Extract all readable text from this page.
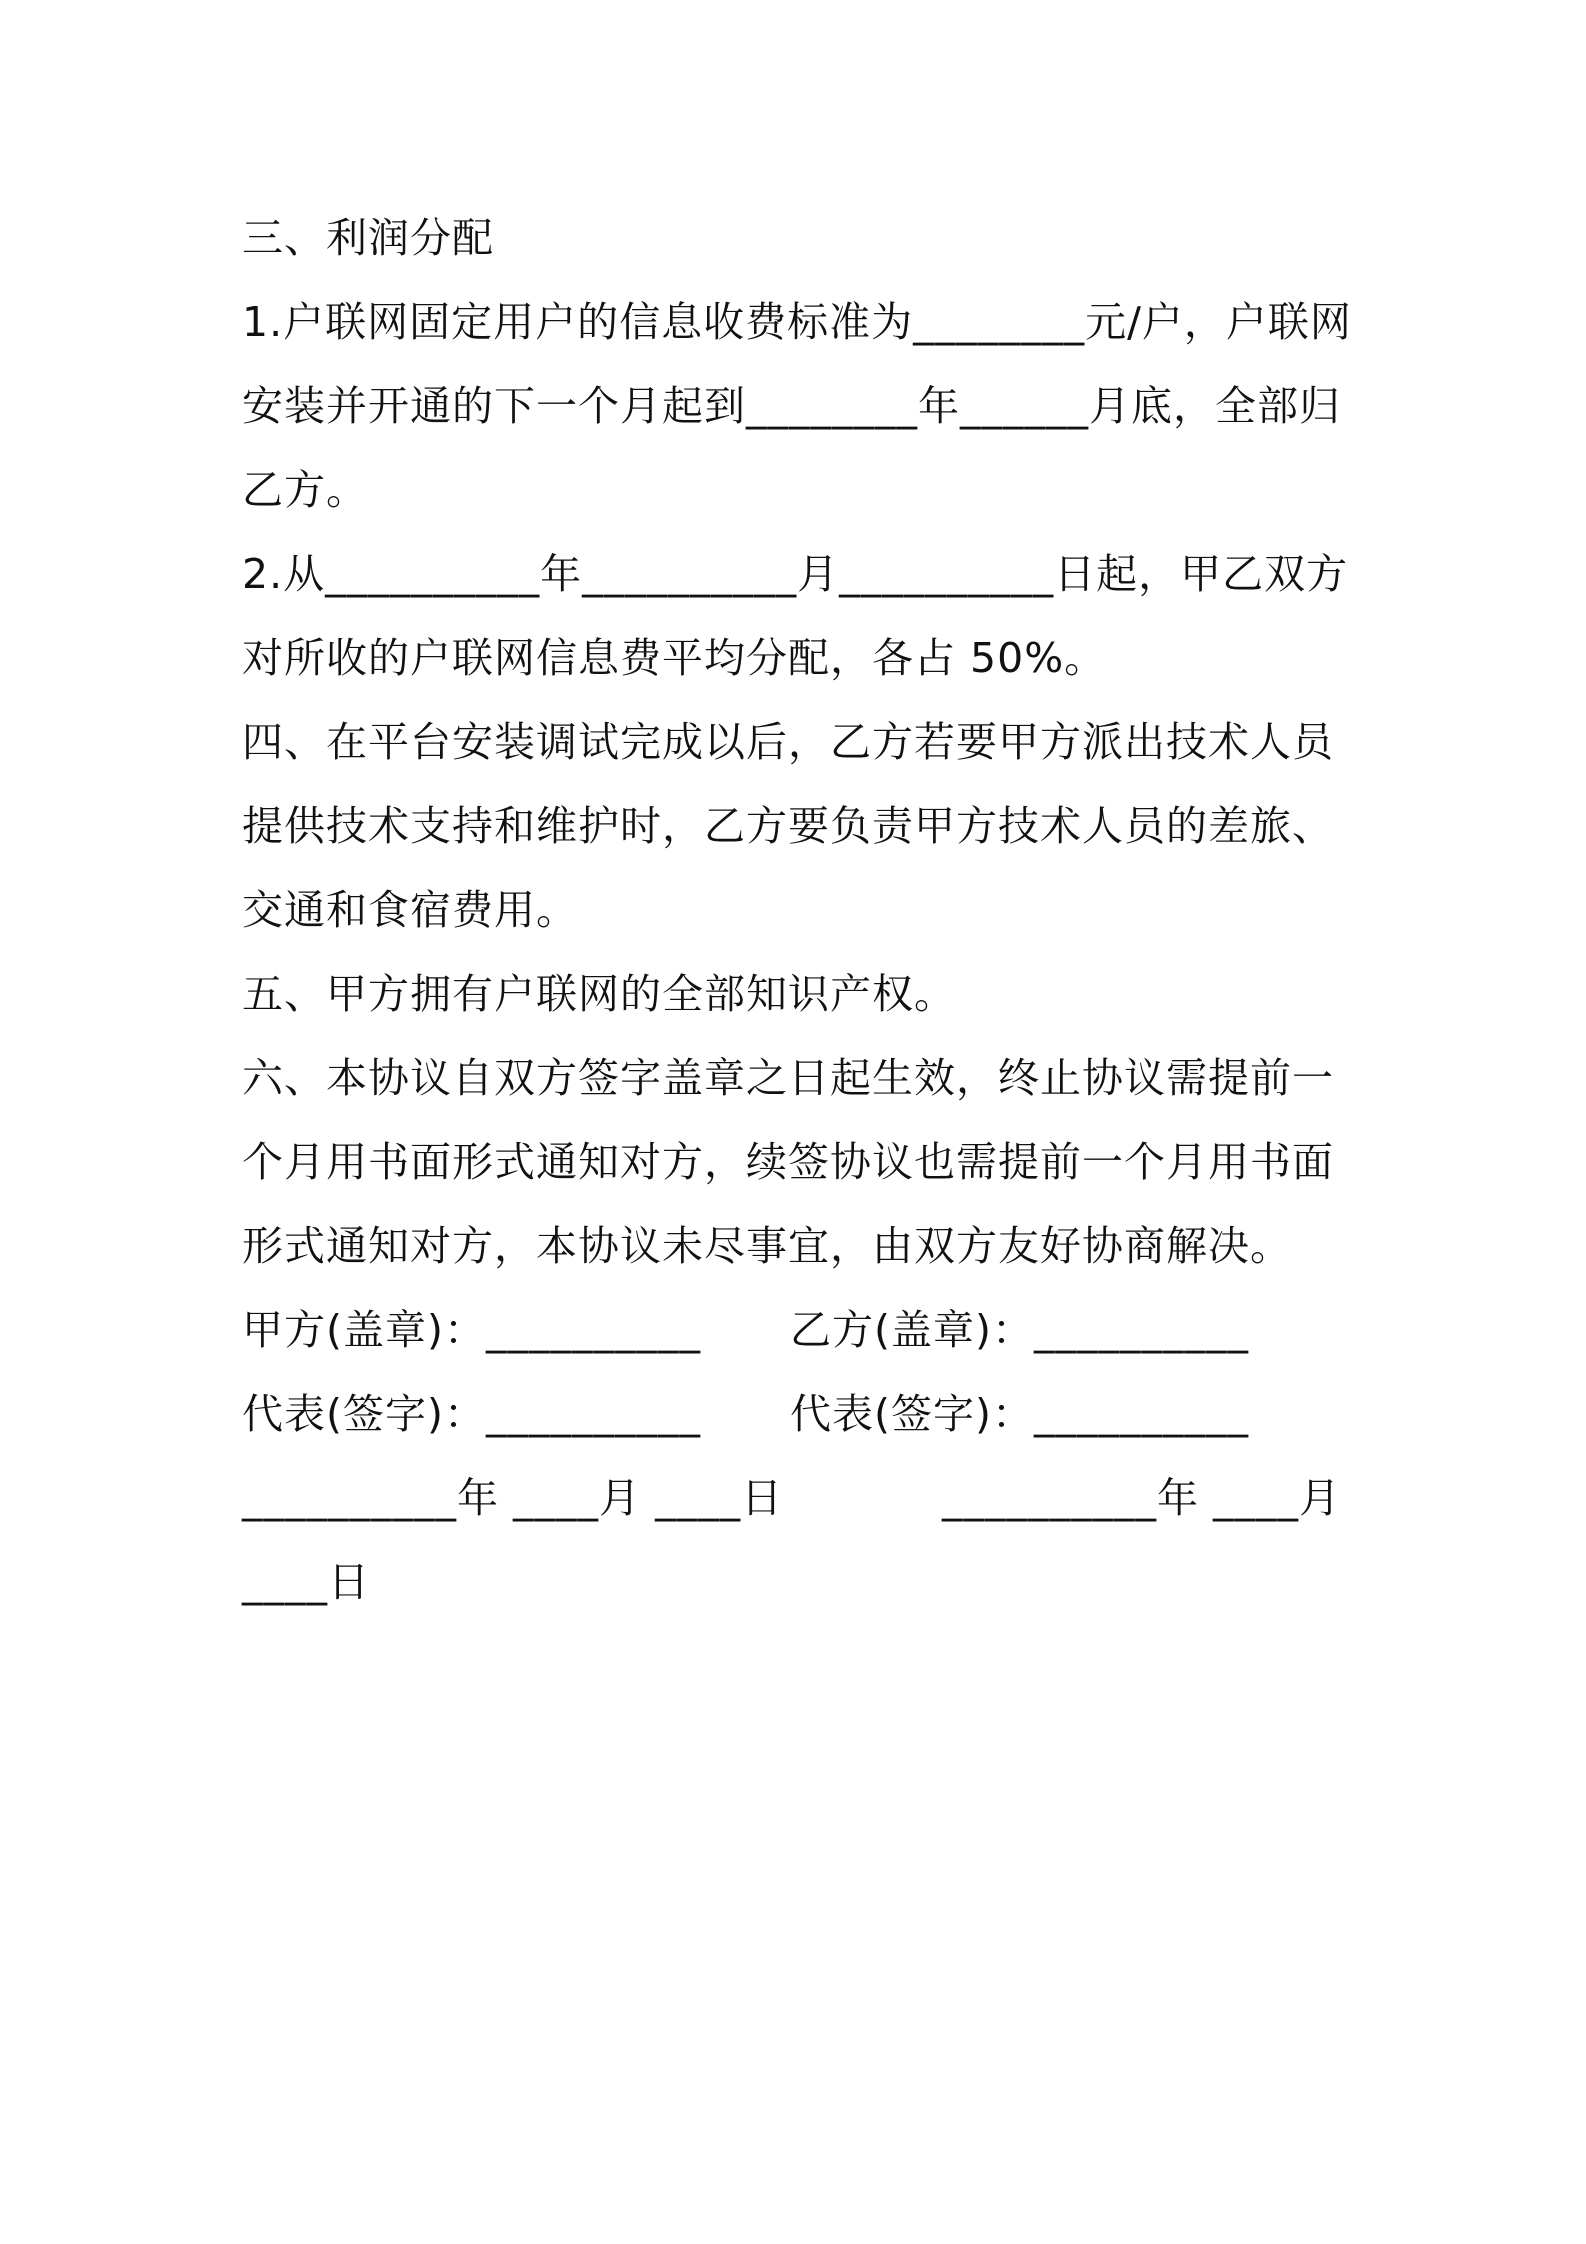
三、利润分配
1.户联网固定用户的信息收费标准为________元/户，户联网
安装并开通的下一个月起到________年______月底，全部归
乙方。
2.从__________年__________月__________日起，甲乙双方
对所收的户联网信息费平均分配，各占 50%。
四、在平台安装调试完成以后，乙方若要甲方派出技术人员
提供技术支持和维护时，乙方要负责甲方技术人员的差旅、
交通和食宿费用。
五、甲方拥有户联网的全部知识产权。
六、本协议自双方签字盖章之日起生效，终止协议需提前一
个月用书面形式通知对方，续签协议也需提前一个月用书面
形式通知对方，本协议未尽事宜，由双方友好协商解决。
甲方(盖章)：__________ 乙方(盖章)：__________
代表(签字)：__________ 代表(签字)：__________
__________年 ____月 ____日	__________年 ____月
____日
